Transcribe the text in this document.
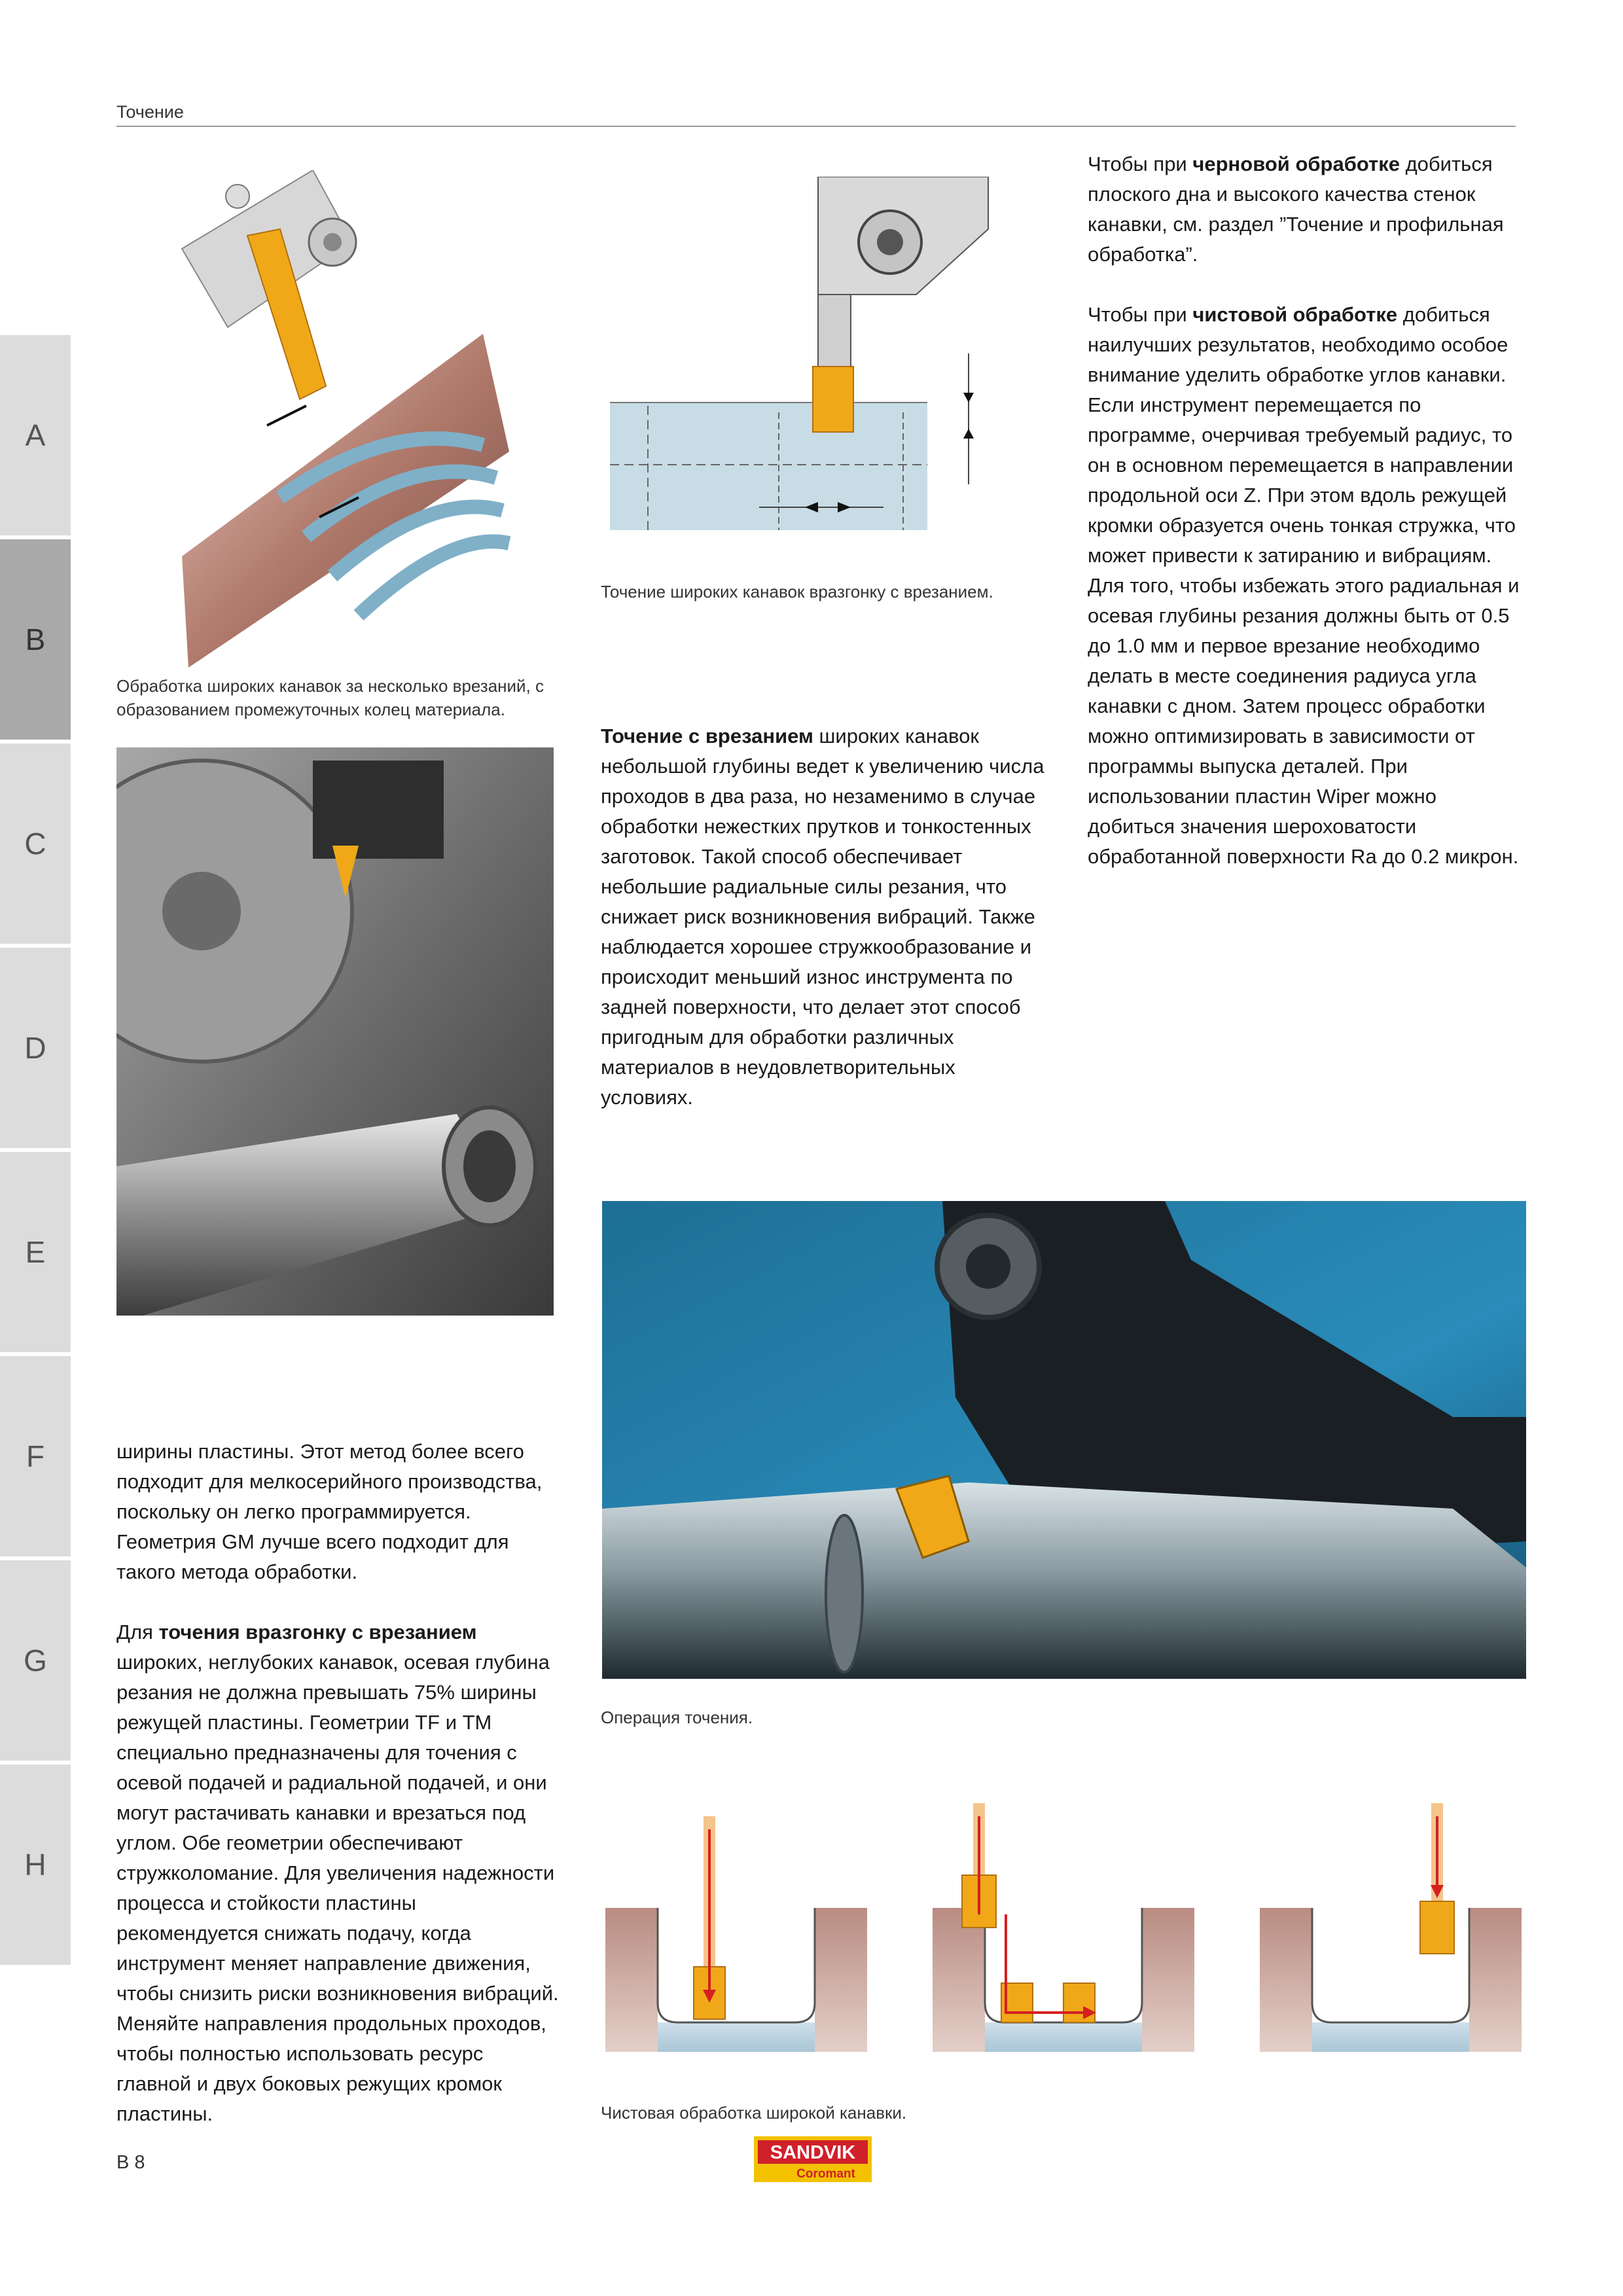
Точение
A
B
C
D
E
F
G
H
Обработка широких канавок за несколько врезаний, с образованием промежуточных колец материала.
Точение широких канавок вразгонку с врезанием.

Точение с врезанием широких канавок небольшой глубины ведет к увеличению числа проходов в два раза, но незаменимо в случае обработки нежестких прутков и тонкостенных заготовок. Такой способ обеспечивает небольшие радиальные силы резания, что снижает риск возникновения вибраций. Также наблюдается хорошее стружкообразование и происходит меньший износ инструмента по задней поверхности, что делает этот способ пригодным для обработки различных материалов в неудовлетворительных условиях.

Чтобы при черновой обработке добиться плоского дна и высокого качества стенок канавки, см. раздел ”Точение и профильная обработка”.

Чтобы при чистовой обработке добиться наилучших результатов, необходимо особое внимание уделить обработке углов канавки. Если инструмент перемещается по программе, очерчивая требуемый радиус, то он в основном перемещается в направлении продольной оси Z. При этом вдоль режущей кромки образуется очень тонкая стружка, что может привести к затиранию и вибрациям. Для того, чтобы избежать этого радиальная и осевая глубины резания должны быть от 0.5 до 1.0 мм и первое врезание необходимо делать в месте соединения радиуса угла канавки с дном. Затем процесс обработки можно оптимизировать в зависимости от программы выпуска деталей. При использовании пластин Wiper можно добиться значения шероховатости обработанной поверхности Ra до 0.2 микрон.

Операция точения.

ширины пластины. Этот метод более всего подходит для мелкосерийного производства, поскольку он легко программируется. Геометрия GM лучше всего подходит для такого метода обработки.

Для точения вразгонку с врезанием широких, неглубоких канавок, осевая глубина резания не должна превышать 75% ширины режущей пластины. Геометрии TF и TM специально предназначены для точения с осевой подачей и радиальной подачей, и они могут растачивать канавки и врезаться под углом. Обе геометрии обеспечивают стружколомание. Для увеличения надежности процесса и стойкости пластины рекомендуется снижать подачу, когда инструмент меняет направление движения, чтобы снизить риски возникновения вибраций. Меняйте направления продольных проходов, чтобы полностью использовать ресурс главной и двух боковых режущих кромок пластины.	Чистовая обработка широкой канавки.
B 8	SANDVIK
Coromant
